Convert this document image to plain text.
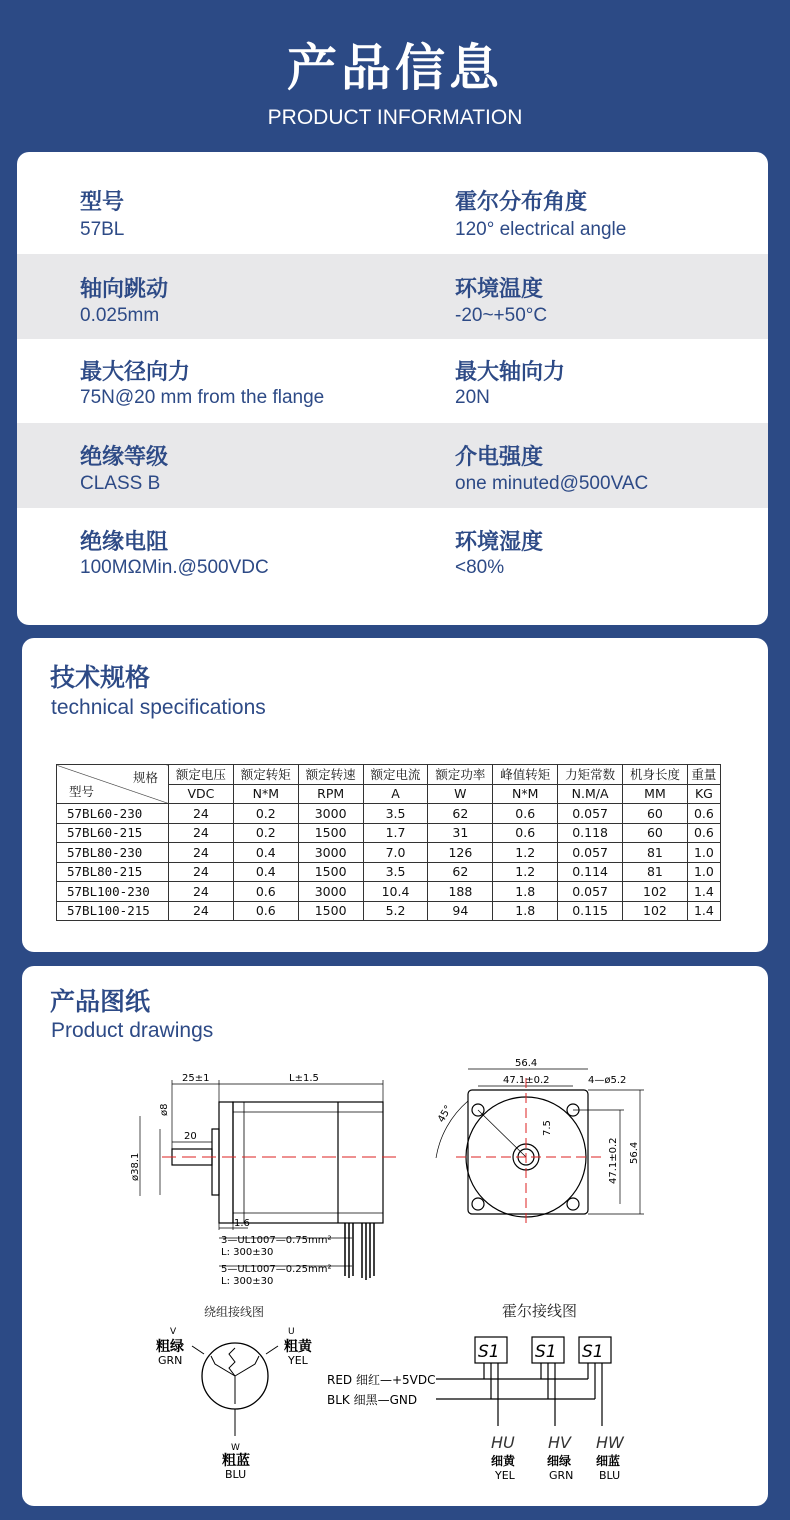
产品信息
PRODUCT INFORMATION
型号
57BL
霍尔分布角度
120° electrical angle
轴向跳动
0.025mm
环境温度
-20~+50°C
最大径向力
75N@20 mm from the flange
最大轴向力
20N
绝缘等级
CLASS B
介电强度
one minuted@500VAC
绝缘电阻
100MΩMin.@500VDC
环境湿度
<80%
技术规格
technical specifications
规格
型号	额定电压	额定转矩	额定转速	额定电流	额定功率	峰值转矩	力矩常数	机身长度	重量
	VDC	N*M	RPM	A	W	N*M	N.M/A	MM	KG
57BL60-230	24	0.2	3000	3.5	62	0.6	0.057	60	0.6
57BL60-215	24	0.2	1500	1.7	31	0.6	0.118	60	0.6
57BL80-230	24	0.4	3000	7.0	126	1.2	0.057	81	1.0
57BL80-215	24	0.4	1500	3.5	62	1.2	0.114	81	1.0
57BL100-230	24	0.6	3000	10.4	188	1.8	0.057	102	1.4
57BL100-215	24	0.6	1500	5.2	94	1.8	0.115	102	1.4
产品图纸
Product drawings
25±1	L±1.5
20
ø8
ø38.1
1.6
3—UL1007—0.75mm²
L: 300±30
5—UL1007—0.25mm²
L: 300±30
56.4
47.1±0.2	4—ø5.2
45°
7.5
47.1±0.2 56.4
绕组接线图
V
粗绿
GRN
U
粗黄
YEL
W
粗蓝
BLU
霍尔接线图
S1 S1 S1
RED 细红—+5VDC
BLK 细黑—GND
HU HV HW
细黄	细绿 细蓝
YEL	GRN BLU
